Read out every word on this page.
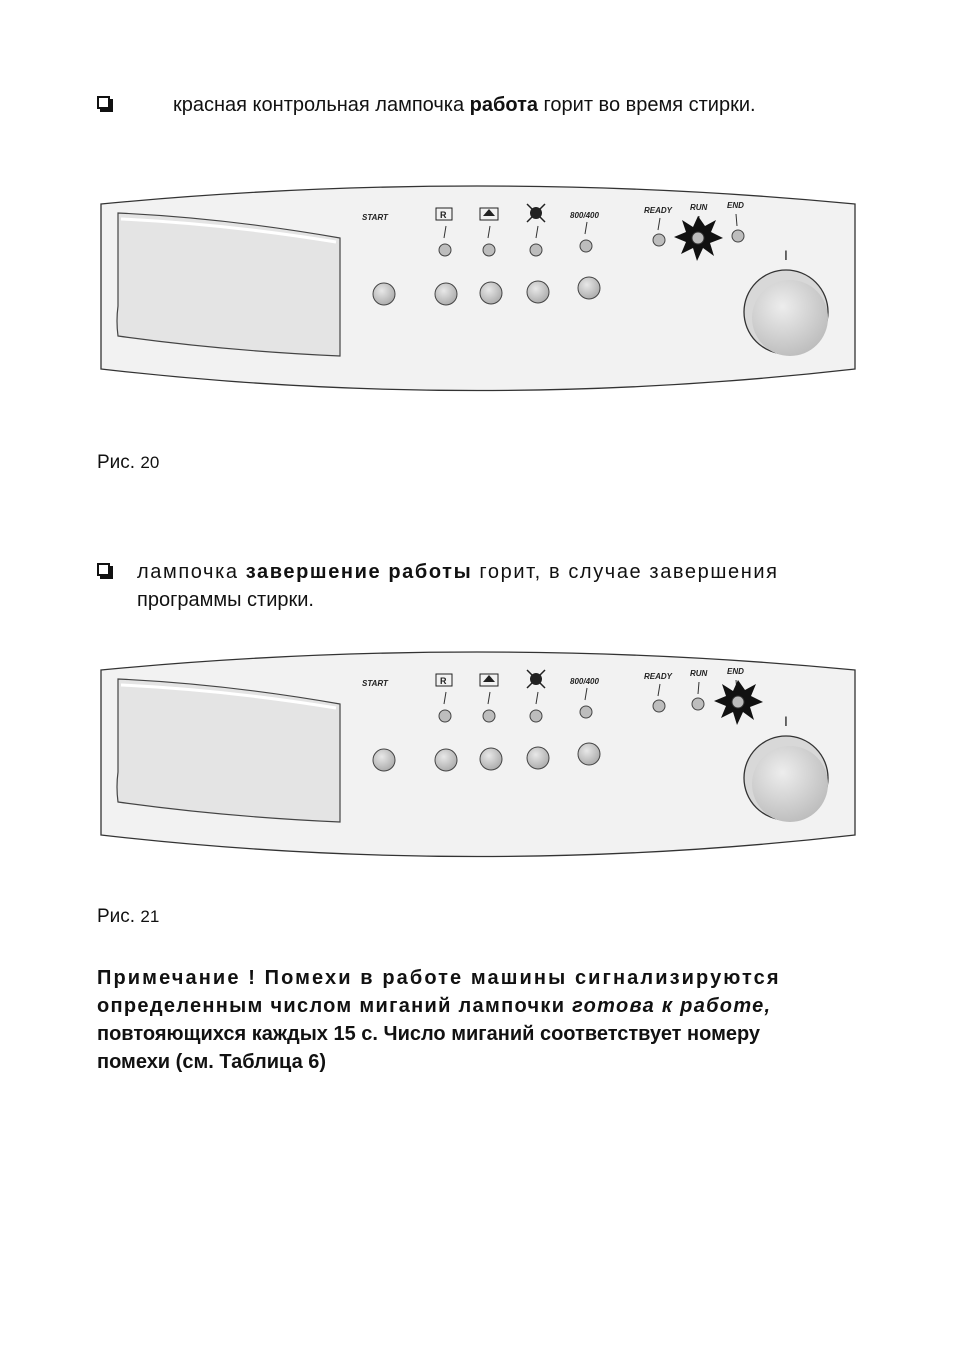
красная контрольная лампочка работа горит во время стирки.
START	R	800/400
READY RUN END
I
Рис. 20
лампочка завершение работы горит, в случае завершения
программы стирки.
START	R	800/400
READY RUN END
I
Рис. 21
Примечание ! Помехи в работе машины сигнализируются
определенным числом миганий лампочки готова к работе,
повтояющихся каждых 15 с. Число миганий соответствует номеру
помехи (см. Таблица 6)
